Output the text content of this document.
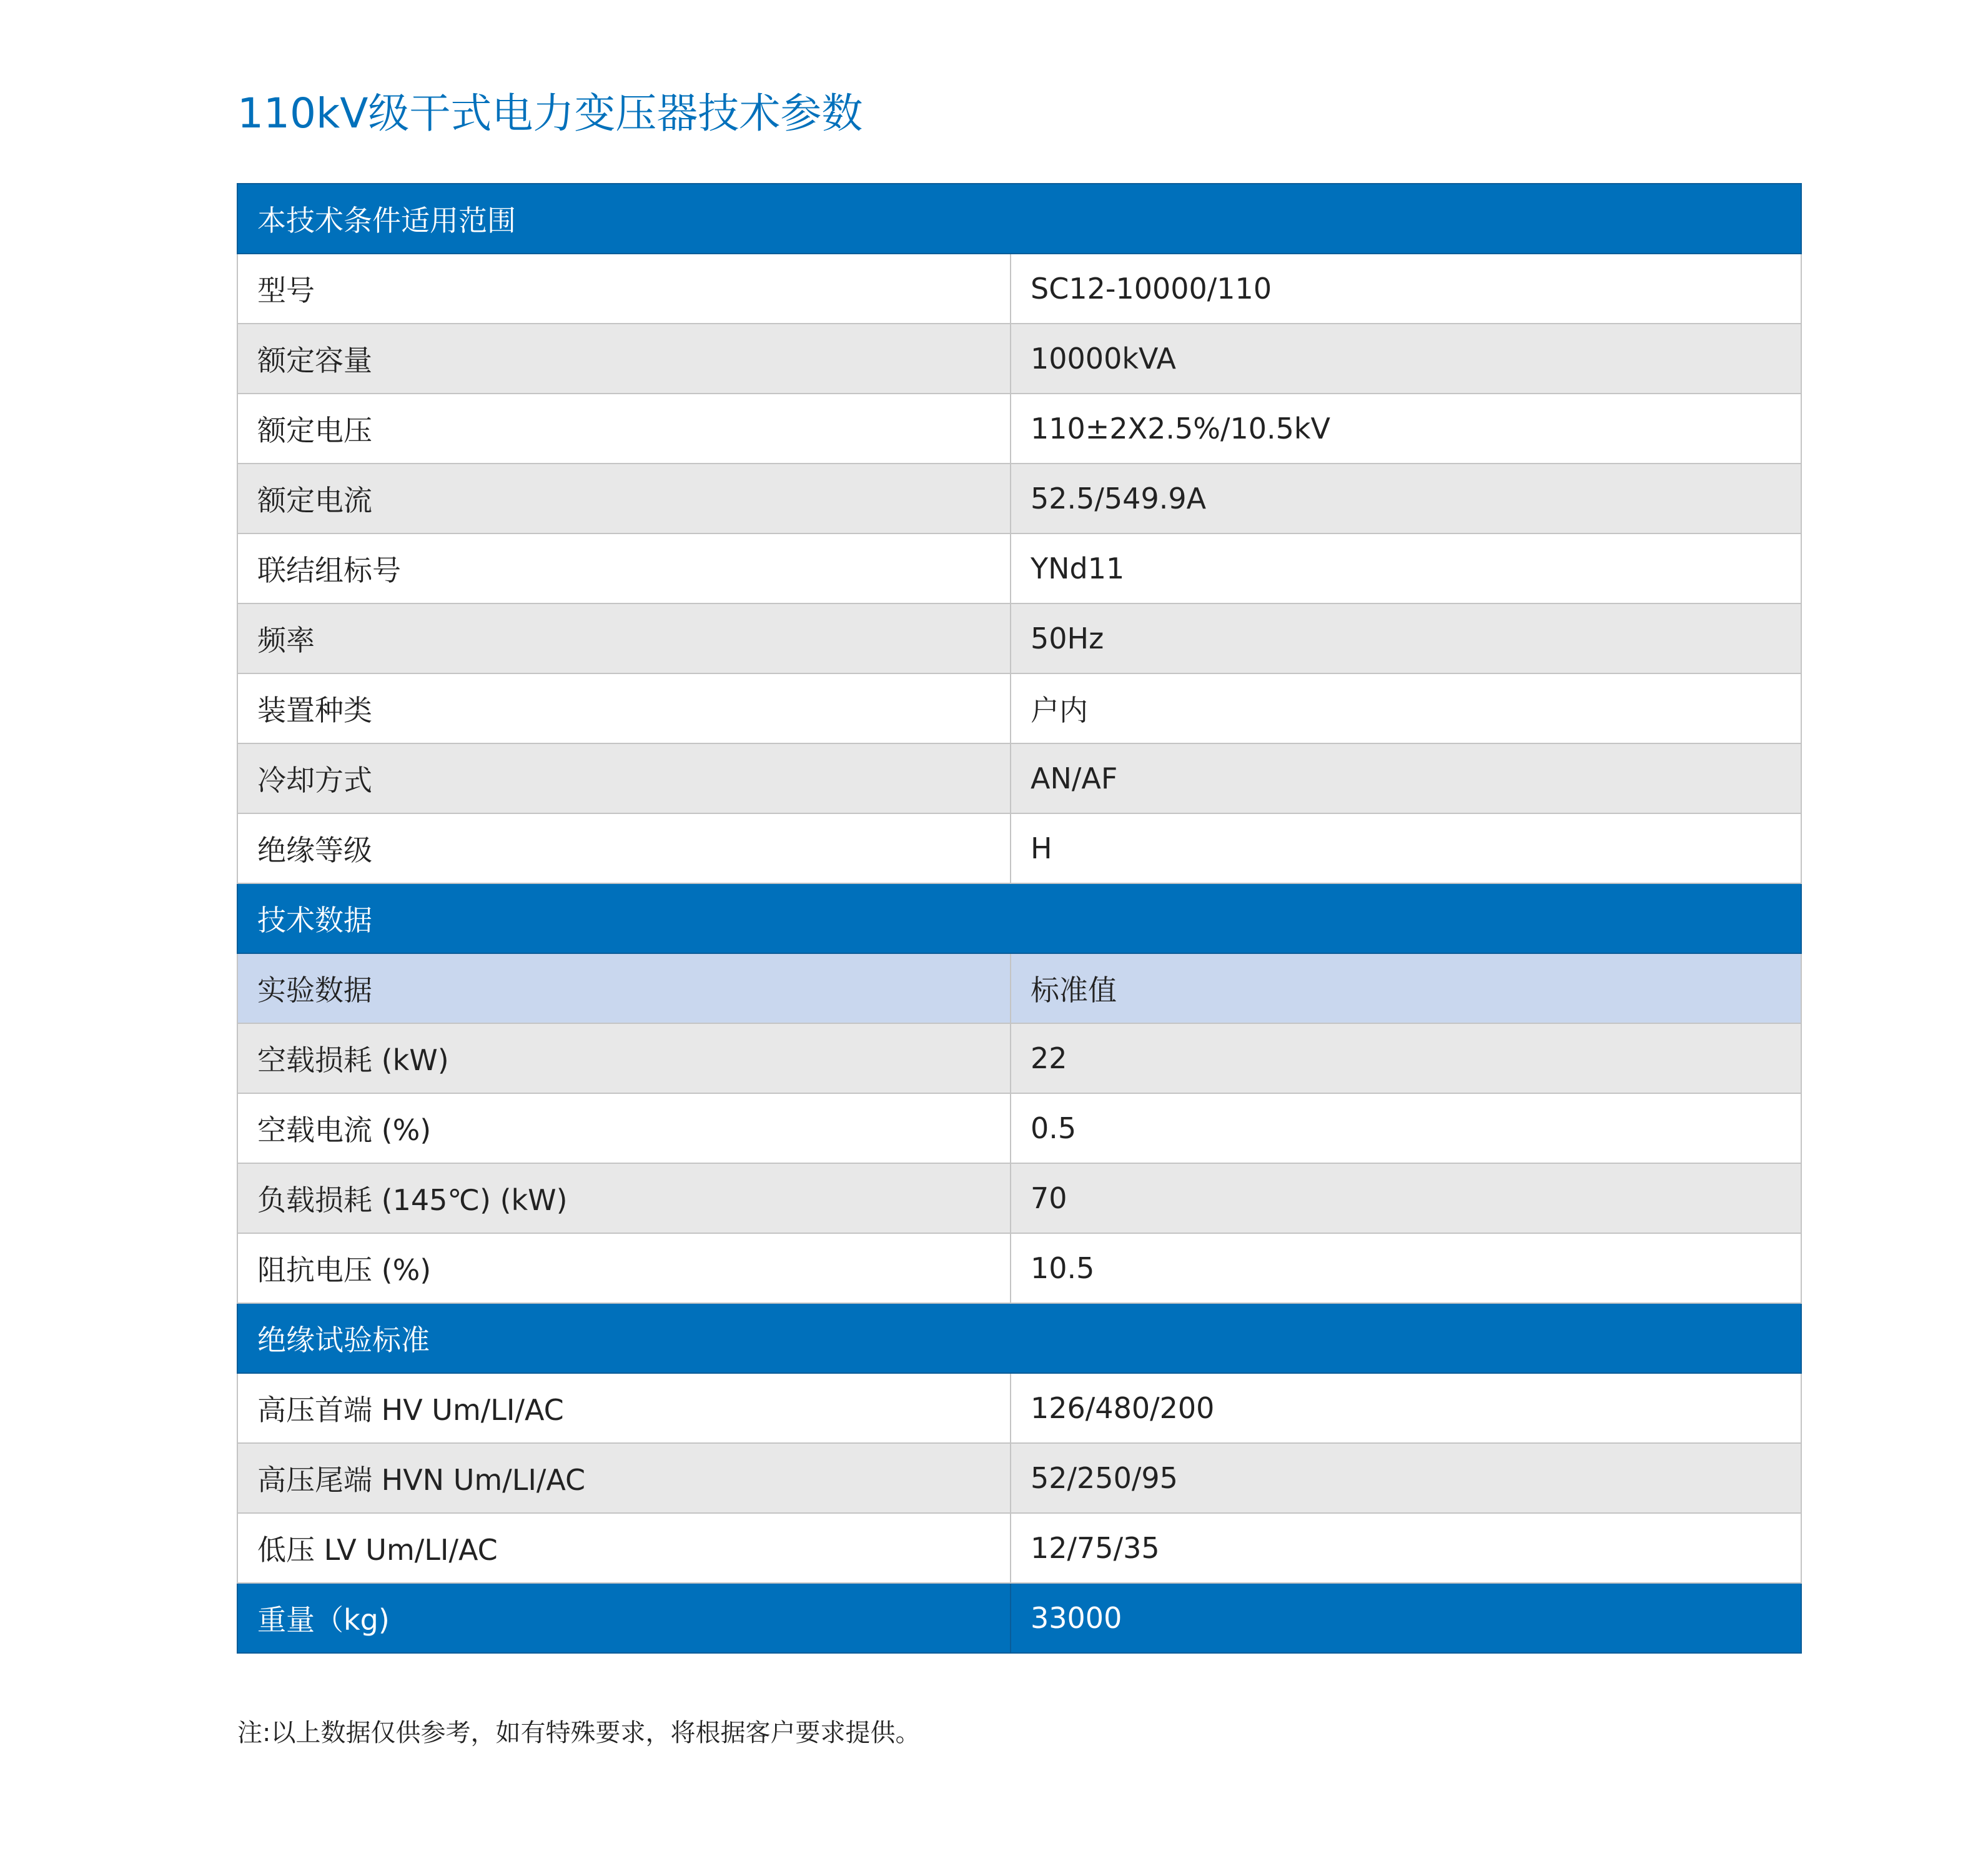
110kV级干式电力变压器技术参数
本技术条件适用范围	
型号	SC12-10000/110
额定容量	10000kVA
额定电压	110±2X2.5%/10.5kV
额定电流	52.5/549.9A
联结组标号	YNd11
频率	50Hz
装置种类	户内
冷却方式	AN/AF
绝缘等级	H
技术数据	
实验数据	标准值
空载损耗 (kW)	22
空载电流 (%)	0.5
负载损耗 (145℃) (kW)	70
阻抗电压 (%)	10.5
绝缘试验标准	
高压首端 HV Um/LI/AC	126/480/200
高压尾端 HVN Um/LI/AC	52/250/95
低压 LV Um/LI/AC	12/75/35
重量（kg)	33000

注:以上数据仅供参考，如有特殊要求，将根据客户要求提供。
